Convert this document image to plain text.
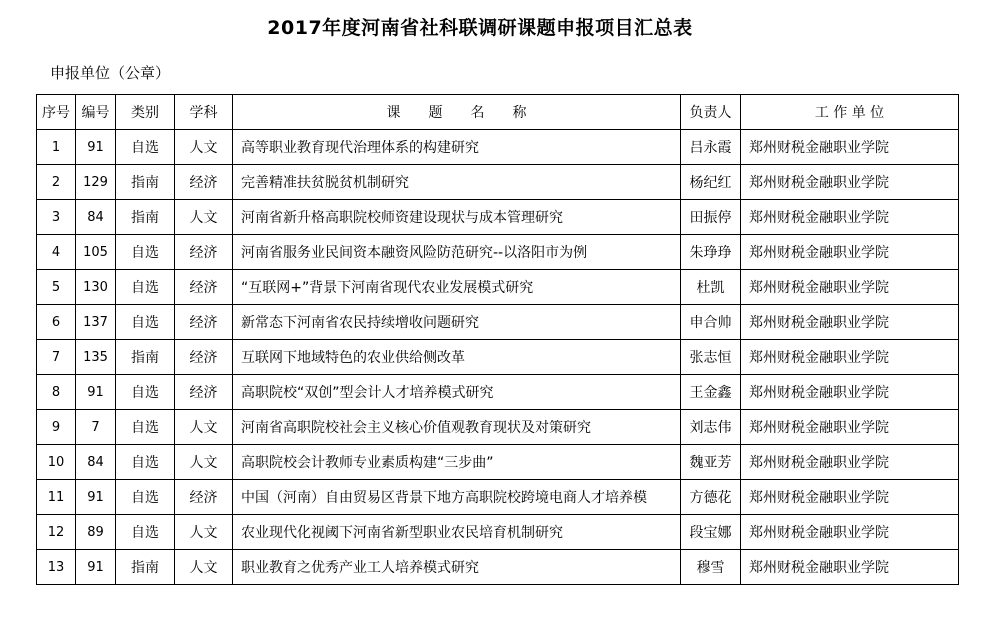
2017年度河南省社科联调研课题申报项目汇总表
申报单位（公章）
序号	编号	类别	学科	课　　题　　名　　称	负责人	工 作 单 位
1	91	自选	人文	高等职业教育现代治理体系的构建研究	吕永霞	郑州财税金融职业学院
2	129	指南	经济	完善精准扶贫脱贫机制研究	杨纪红	郑州财税金融职业学院
3	84	指南	人文	河南省新升格高职院校师资建设现状与成本管理研究	田振停	郑州财税金融职业学院
4	105	自选	经济	河南省服务业民间资本融资风险防范研究--以洛阳市为例	朱琤琤	郑州财税金融职业学院
5	130	自选	经济	“互联网+”背景下河南省现代农业发展模式研究	杜凯	郑州财税金融职业学院
6	137	自选	经济	新常态下河南省农民持续增收问题研究	申合帅	郑州财税金融职业学院
7	135	指南	经济	互联网下地域特色的农业供给侧改革	张志恒	郑州财税金融职业学院
8	91	自选	经济	高职院校“双创”型会计人才培养模式研究	王金鑫	郑州财税金融职业学院
9	7	自选	人文	河南省高职院校社会主义核心价值观教育现状及对策研究	刘志伟	郑州财税金融职业学院
10	84	自选	人文	高职院校会计教师专业素质构建“三步曲”	魏亚芳	郑州财税金融职业学院
11	91	自选	经济	中国（河南）自由贸易区背景下地方高职院校跨境电商人才培养模	方德花	郑州财税金融职业学院
12	89	自选	人文	农业现代化视阈下河南省新型职业农民培育机制研究	段宝娜	郑州财税金融职业学院
13	91	指南	人文	职业教育之优秀产业工人培养模式研究	穆雪	郑州财税金融职业学院
